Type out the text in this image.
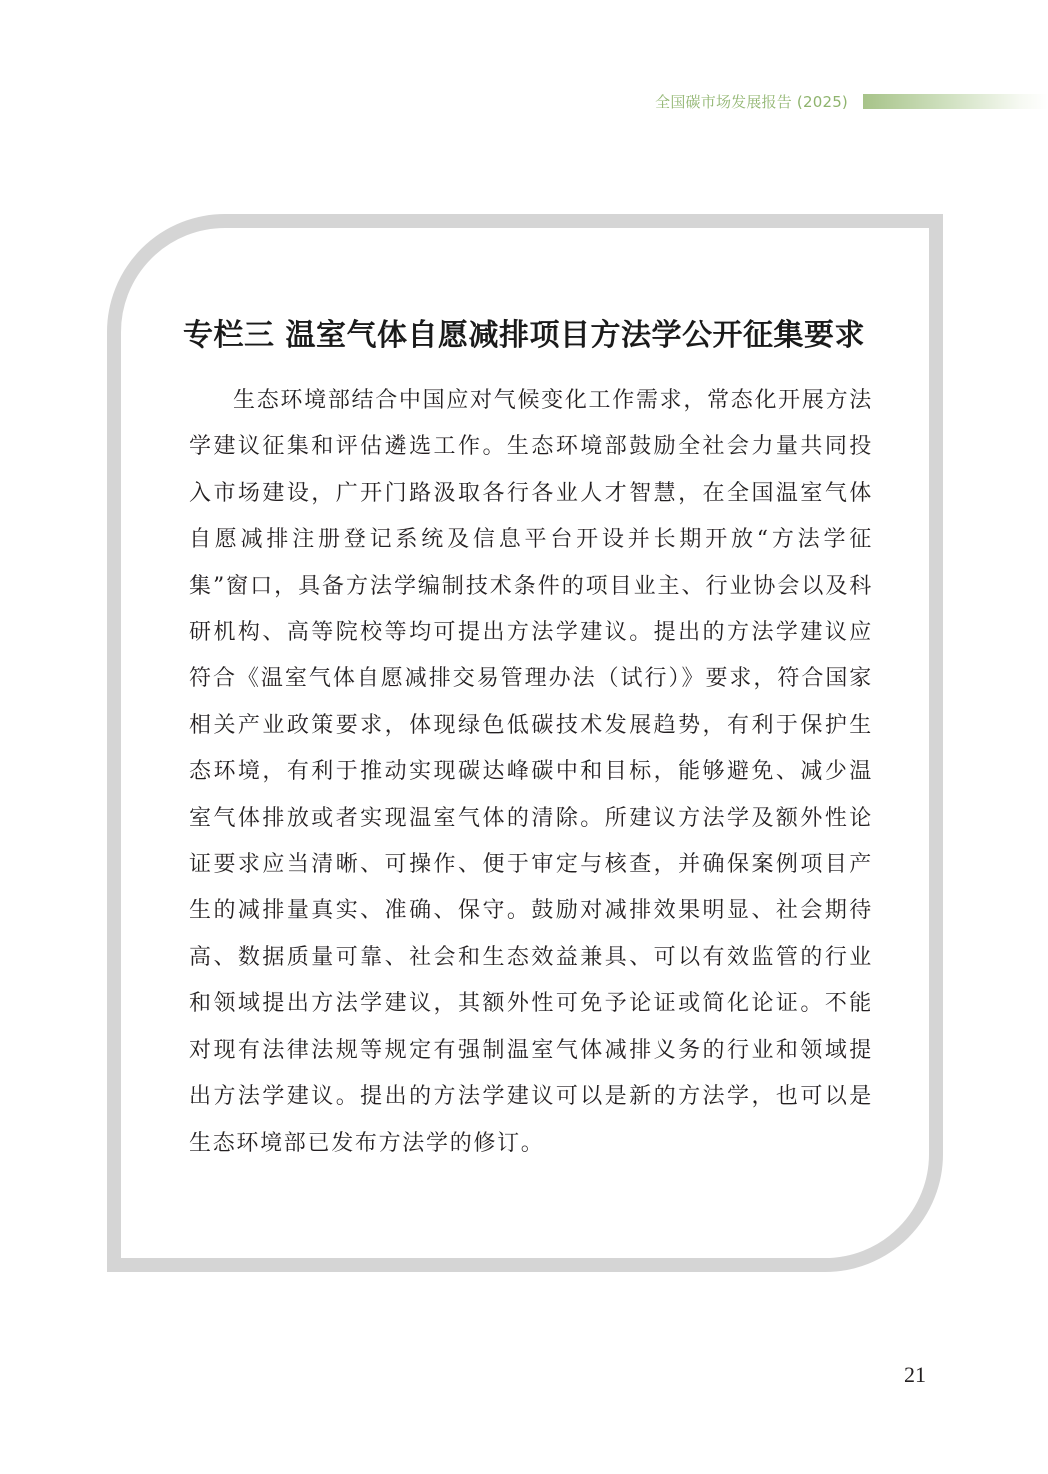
全国碳市场发展报告 (2025)
专栏三 温室气体自愿减排项目方法学公开征集要求

生态环境部结合中国应对气候变化工作需求，常态化开展方法学建议征集和评估遴选工作。生态环境部鼓励全社会力量共同投入市场建设，广开门路汲取各行各业人才智慧，在全国温室气体自愿减排注册登记系统及信息平台开设并长期开放“方法学征集”窗口，具备方法学编制技术条件的项目业主、行业协会以及科研机构、高等院校等均可提出方法学建议。提出的方法学建议应符合《温室气体自愿减排交易管理办法（试行）》要求，符合国家相关产业政策要求，体现绿色低碳技术发展趋势，有利于保护生态环境，有利于推动实现碳达峰碳中和目标，能够避免、减少温室气体排放或者实现温室气体的清除。所建议方法学及额外性论证要求应当清晰、可操作、便于审定与核查，并确保案例项目产生的减排量真实、准确、保守。鼓励对减排效果明显、社会期待高、数据质量可靠、社会和生态效益兼具、可以有效监管的行业和领域提出方法学建议，其额外性可免予论证或简化论证。不能对现有法律法规等规定有强制温室气体减排义务的行业和领域提出方法学建议。提出的方法学建议可以是新的方法学，也可以是生态环境部已发布方法学的修订。

21
